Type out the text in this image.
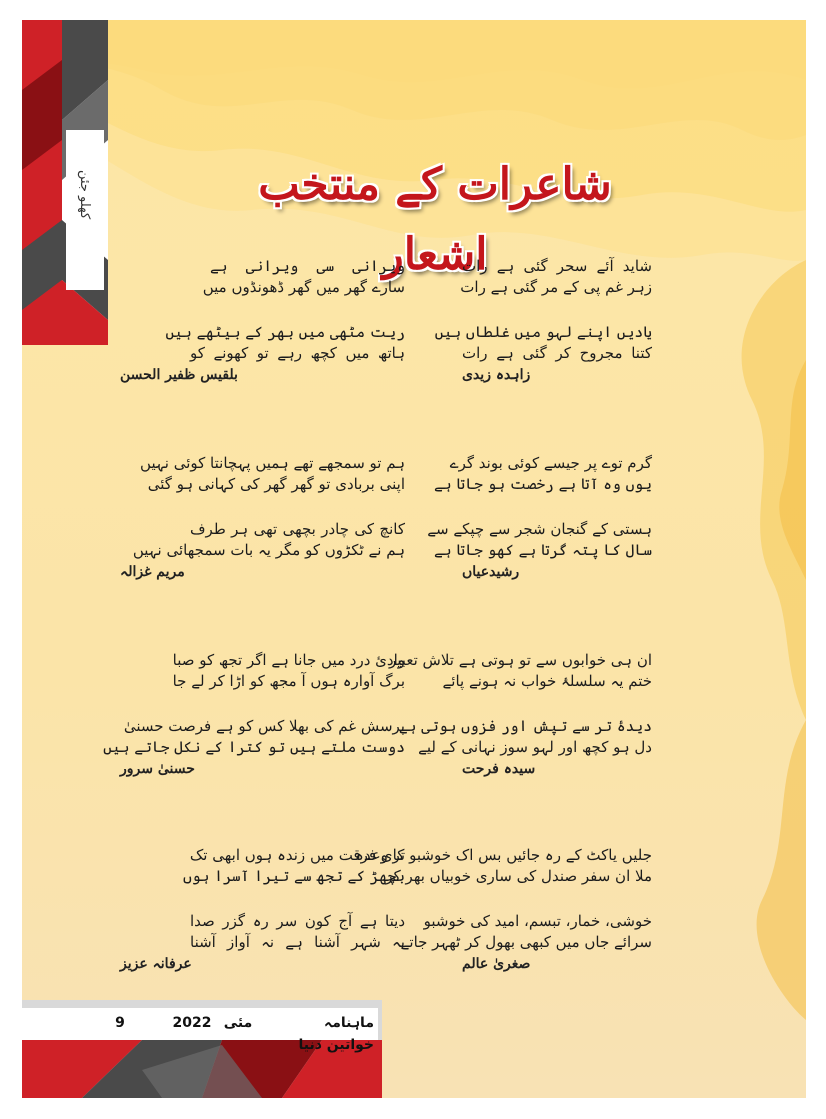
کھلو جئن	شاعرات کے منتخب اشعار
شاید آئے سحر گئی ہے رات
زہر غم پی کے مر گئی ہے رات
یادیں اپنے لہو میں غلطاں ہیں
کتنا مجروح کر گئی ہے رات
زاہدہ زیدی
گرم توے پر جیسے کوئی بوند گرے
یوں وہ آتا ہے رخصت ہو جاتا ہے
ہستی کے گنجان شجر سے چپکے سے
سال کا پتہ گرتا ہے کھو جاتا ہے
رشیدعیاں
ان ہی خوابوں سے تو ہوتی ہے تلاش تعبیر
ختم یہ سلسلۂ خواب نہ ہونے پائے
دیدۂ تر سے تپش اور فزوں ہوتی ہے
دل ہو کچھ اور لہو سوز نہانی کے لیے
سیدہ فرحت
جلیں یاکٹ کے رہ جائیں بس اک خوشبو کا وعدہ
ملا ان سفر صندل کی ساری خوبیاں بھر کر
خوشی، خمار، تبسم، امید کی خوشبو
سرائے جاں میں کبھی بھول کر ٹھہر جاتے
صغریٰ عالم
ویرانی سی ویرانی ہے
سارے گھر میں گھر ڈھونڈوں میں
ریت مٹھی میں بھر کے بیٹھے ہیں
ہاتھ میں کچھ رہے تو کھونے کو
بلقیس ظفیر الحسن
ہم تو سمجھے تھے ہمیں پہچانتا کوئی نہیں
اپنی بربادی تو گھر گھر کی کہانی ہو گئی
کانچ کی چادر بچھی تھی ہر طرف
ہم نے ٹکڑوں کو مگر یہ بات سمجھائی نہیں
مریم غزالہ
وادیٔ درد میں جانا ہے اگر تجھ کو صبا
برگ آوارہ ہوں آ مجھ کو اڑا کر لے جا
پرسش غم کی بھلا کس کو ہے فرصت حسنیٰ
دوست ملتے ہیں تو کترا کے نکل جاتے ہیں
حسنیٰ سرور
تری فرقت میں زندہ ہوں ابھی تک
بچھڑ کے تجھ سے تیرا آسرا ہوں
دیتا ہے آج کون سر رہ گزر صدا
یہ شہر آشنا ہے نہ آواز آشنا
عرفانہ عزیز
ماہنامہ خواتین دنیا
مئی
2022
9
